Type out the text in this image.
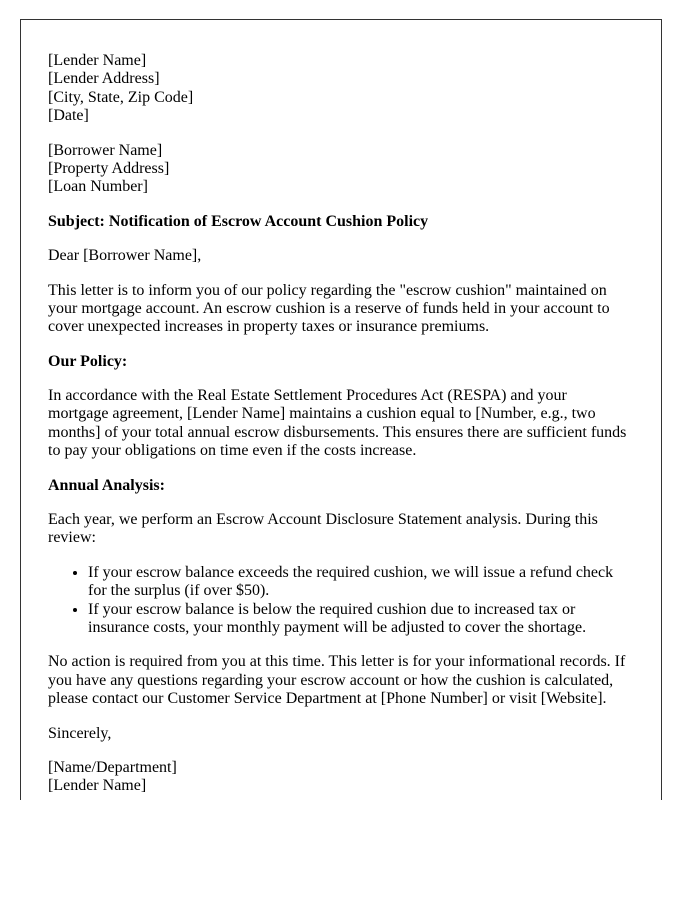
[Lender Name]
[Lender Address]
[City, State, Zip Code]
[Date]

[Borrower Name]
[Property Address]
[Loan Number]

Subject: Notification of Escrow Account Cushion Policy

Dear [Borrower Name],

This letter is to inform you of our policy regarding the "escrow cushion" maintained on your mortgage account. An escrow cushion is a reserve of funds held in your account to cover unexpected increases in property taxes or insurance premiums.

Our Policy:

In accordance with the Real Estate Settlement Procedures Act (RESPA) and your mortgage agreement, [Lender Name] maintains a cushion equal to [Number, e.g., two months] of your total annual escrow disbursements. This ensures there are sufficient funds to pay your obligations on time even if the costs increase.

Annual Analysis:

Each year, we perform an Escrow Account Disclosure Statement analysis. During this review:

• If your escrow balance exceeds the required cushion, we will issue a refund check for the surplus (if over $50).
• If your escrow balance is below the required cushion due to increased tax or insurance costs, your monthly payment will be adjusted to cover the shortage.

No action is required from you at this time. This letter is for your informational records. If you have any questions regarding your escrow account or how the cushion is calculated, please contact our Customer Service Department at [Phone Number] or visit [Website].

Sincerely,

[Name/Department]
[Lender Name]
